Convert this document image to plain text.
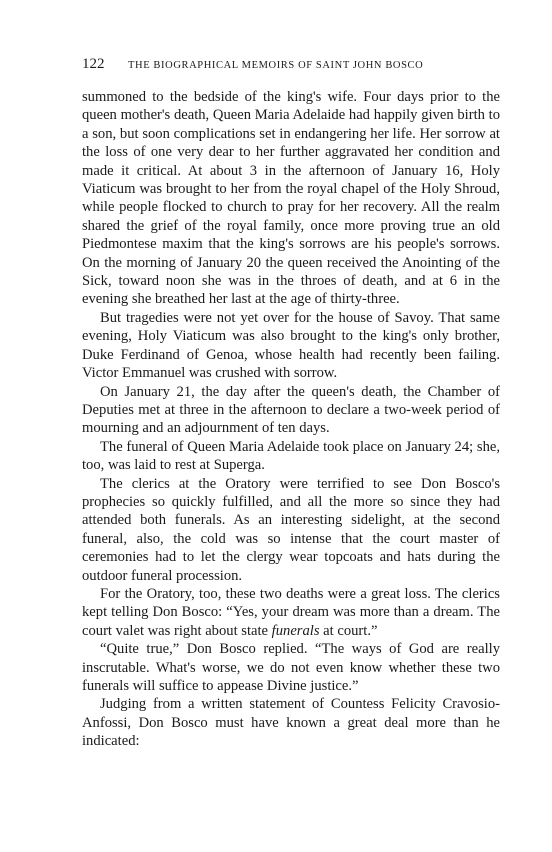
122	THE BIOGRAPHICAL MEMOIRS OF SAINT JOHN BOSCO

summoned to the bedside of the king's wife. Four days prior to the queen mother's death, Queen Maria Adelaide had happily given birth to a son, but soon complications set in endangering her life. Her sorrow at the loss of one very dear to her further aggravated her condition and made it critical. At about 3 in the afternoon of January 16, Holy Viaticum was brought to her from the royal chapel of the Holy Shroud, while people flocked to church to pray for her recovery. All the realm shared the grief of the royal family, once more proving true an old Piedmontese maxim that the king's sorrows are his people's sorrows. On the morning of January 20 the queen received the Anointing of the Sick, toward noon she was in the throes of death, and at 6 in the evening she breathed her last at the age of thirty-three.

But tragedies were not yet over for the house of Savoy. That same evening, Holy Viaticum was also brought to the king's only brother, Duke Ferdinand of Genoa, whose health had recently been failing. Victor Emmanuel was crushed with sorrow.

On January 21, the day after the queen's death, the Chamber of Deputies met at three in the afternoon to declare a two-week period of mourning and an adjournment of ten days.

The funeral of Queen Maria Adelaide took place on January 24; she, too, was laid to rest at Superga.

The clerics at the Oratory were terrified to see Don Bosco's prophecies so quickly fulfilled, and all the more so since they had attended both funerals. As an interesting sidelight, at the second funeral, also, the cold was so intense that the court master of ceremonies had to let the clergy wear topcoats and hats during the outdoor funeral procession.

For the Oratory, too, these two deaths were a great loss. The clerics kept telling Don Bosco: “Yes, your dream was more than a dream. The court valet was right about state funerals at court.”

“Quite true,” Don Bosco replied. “The ways of God are really inscrutable. What's worse, we do not even know whether these two funerals will suffice to appease Divine justice.”

Judging from a written statement of Countess Felicity Cravosio-Anfossi, Don Bosco must have known a great deal more than he indicated:
